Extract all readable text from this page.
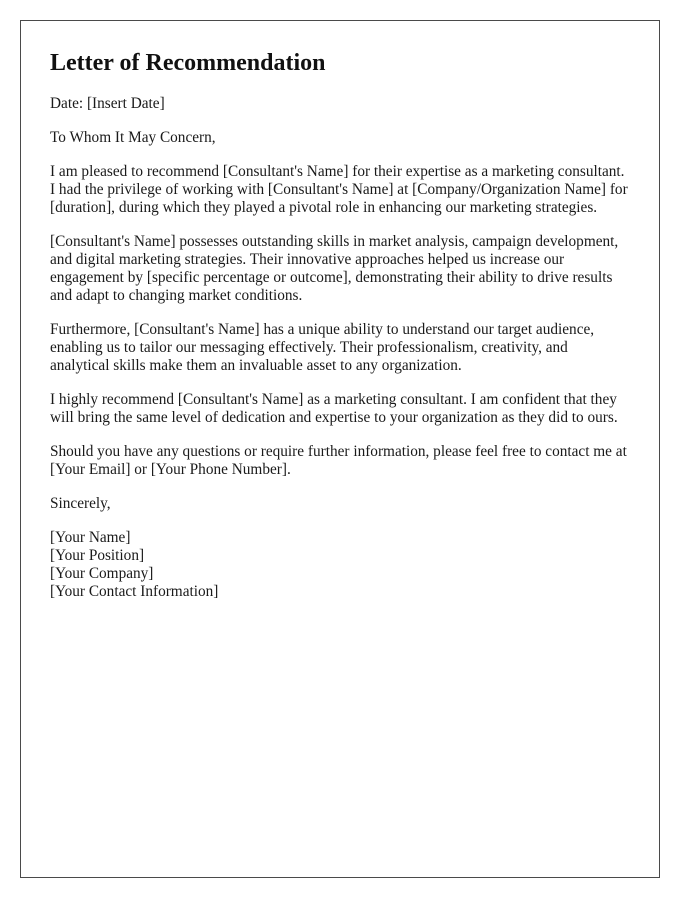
Letter of Recommendation

Date: [Insert Date]

To Whom It May Concern,

I am pleased to recommend [Consultant's Name] for their expertise as a marketing consultant. I had the privilege of working with [Consultant's Name] at [Company/Organization Name] for [duration], during which they played a pivotal role in enhancing our marketing strategies.

[Consultant's Name] possesses outstanding skills in market analysis, campaign development, and digital marketing strategies. Their innovative approaches helped us increase our engagement by [specific percentage or outcome], demonstrating their ability to drive results and adapt to changing market conditions.

Furthermore, [Consultant's Name] has a unique ability to understand our target audience, enabling us to tailor our messaging effectively. Their professionalism, creativity, and analytical skills make them an invaluable asset to any organization.

I highly recommend [Consultant's Name] as a marketing consultant. I am confident that they will bring the same level of dedication and expertise to your organization as they did to ours.

Should you have any questions or require further information, please feel free to contact me at [Your Email] or [Your Phone Number].

Sincerely,

[Your Name]
[Your Position]
[Your Company]
[Your Contact Information]
